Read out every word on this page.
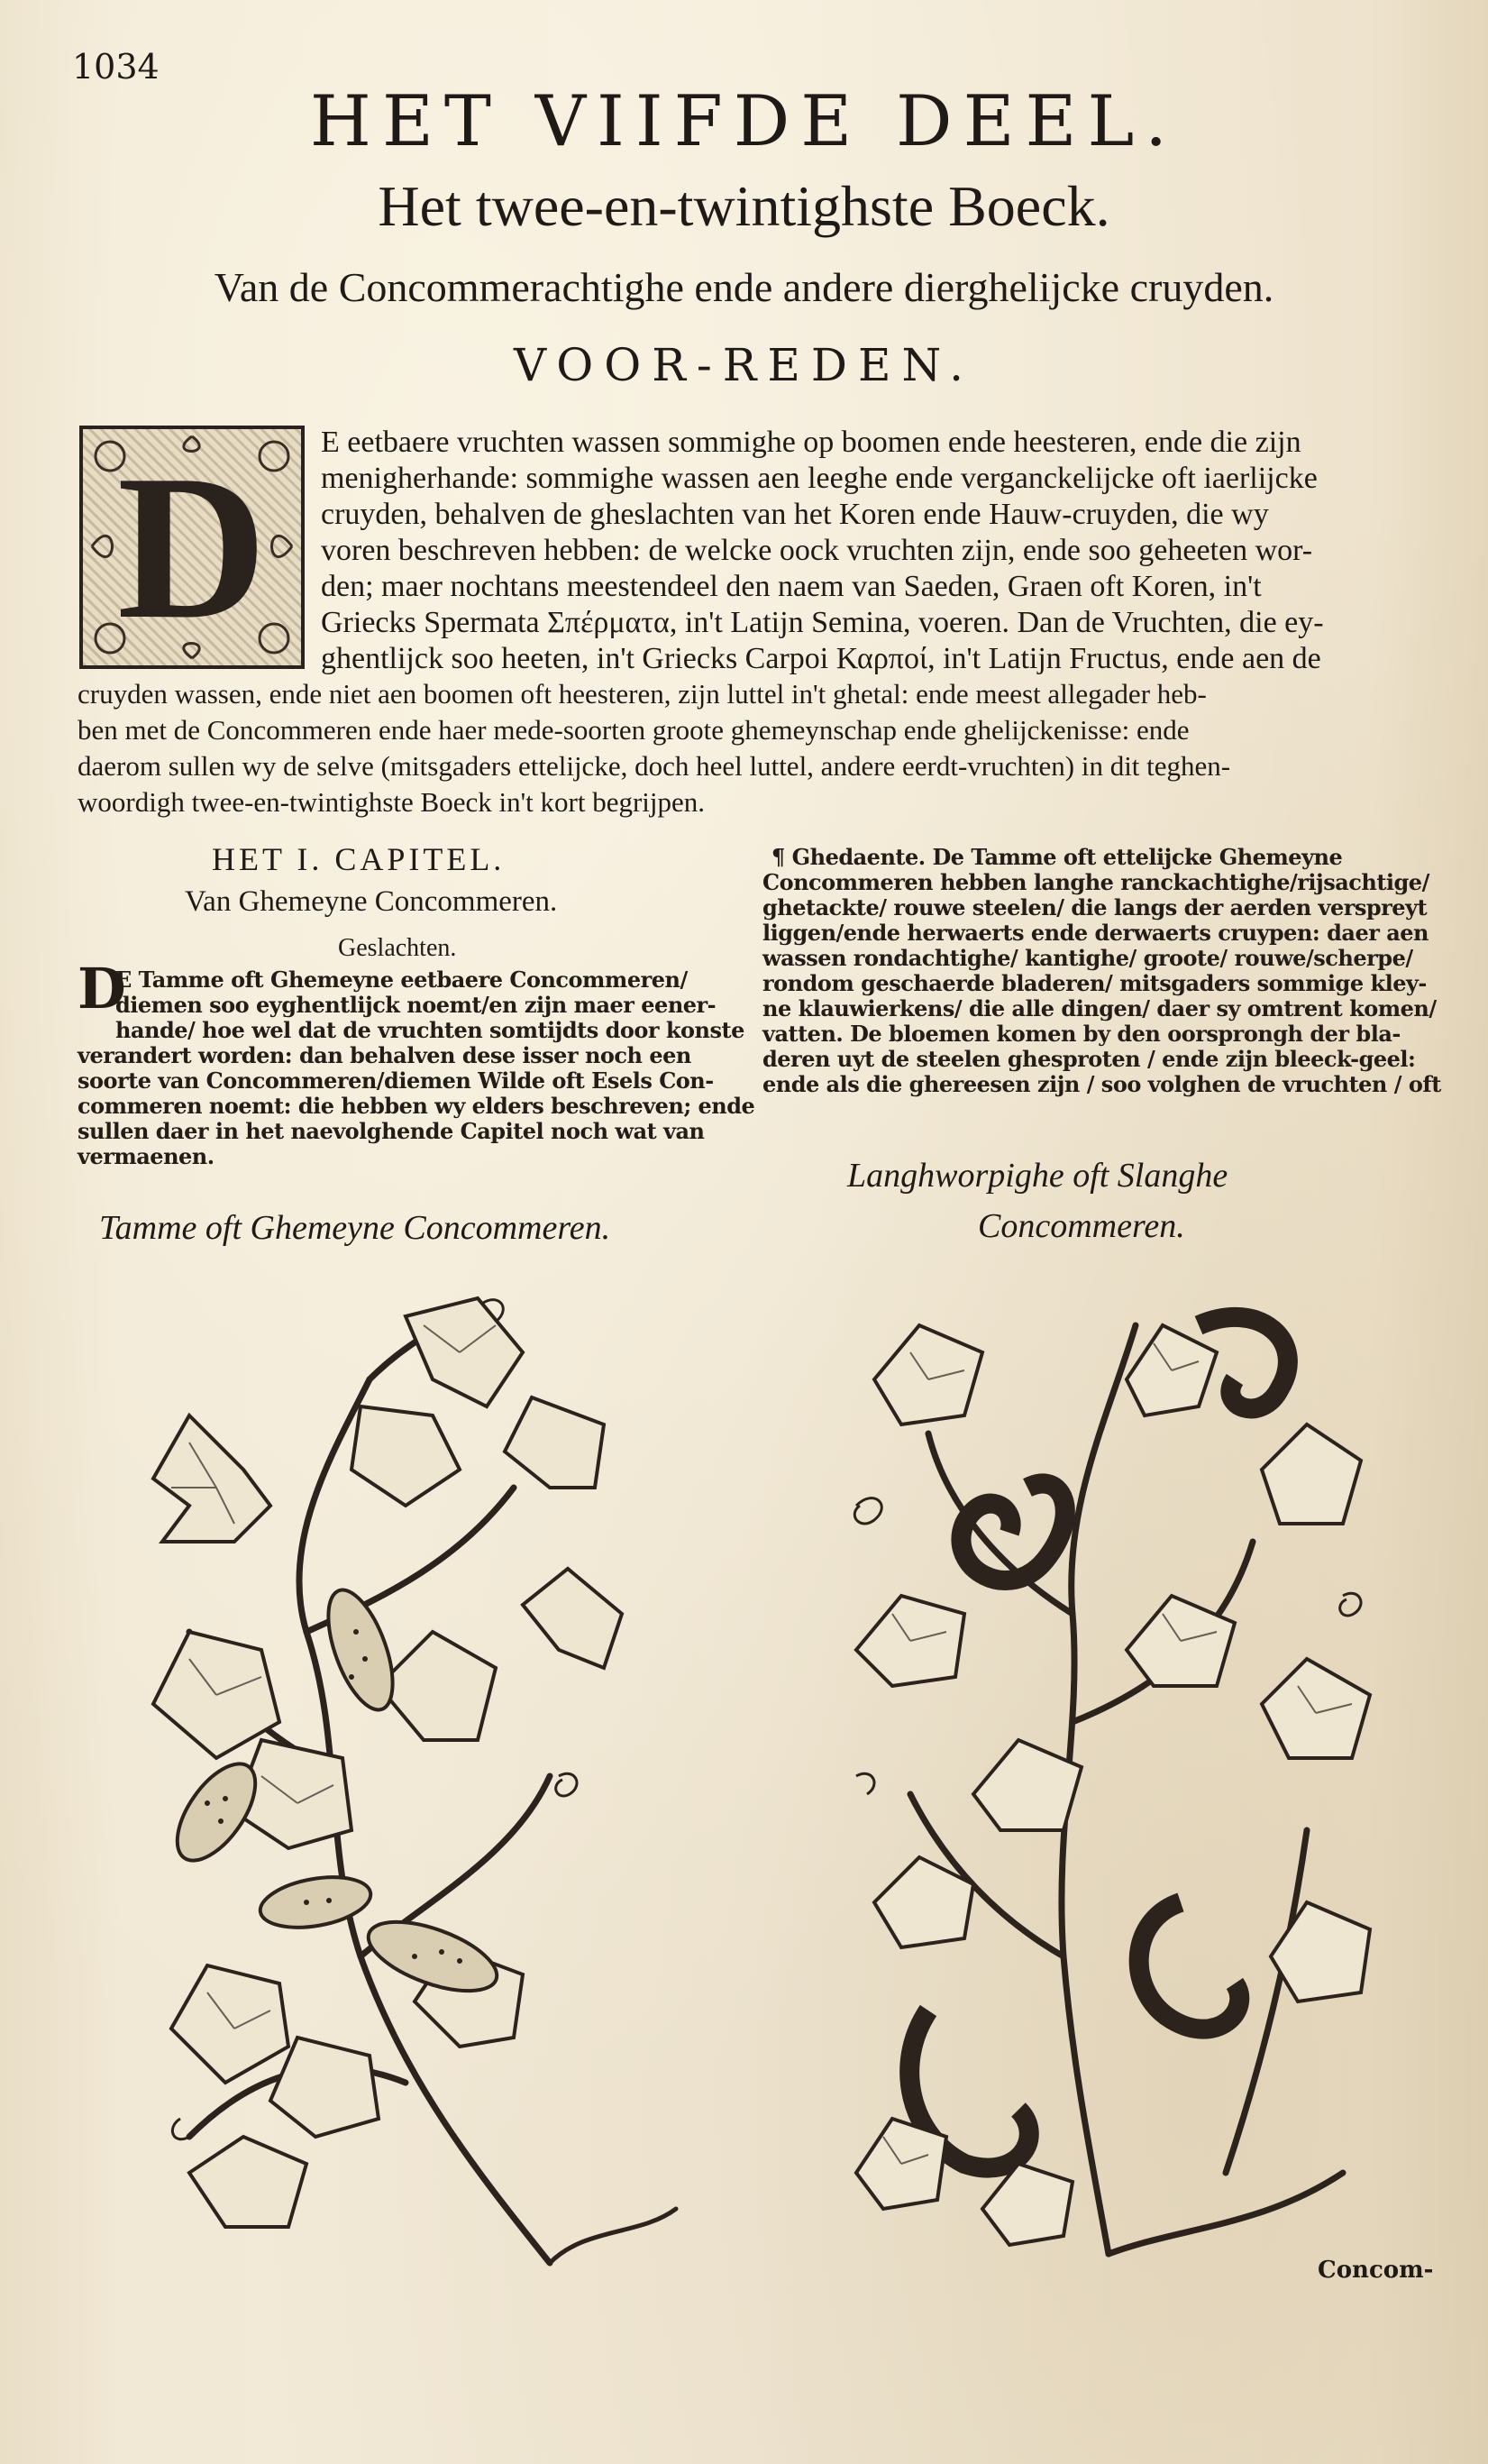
1034
HET VIIFDE DEEL.
Het twee-en-twintighste Boeck.
Van de Concommerachtighe ende andere dierghelijcke cruyden.
VOOR-REDEN.
D	E eetbaere vruchten wassen sommighe op boomen ende heesteren, ende die zijn
menigherhande: sommighe wassen aen leeghe ende verganckelijcke oft iaerlijcke
cruyden, behalven de gheslachten van het Koren ende Hauw-cruyden, die wy
voren beschreven hebben: de welcke oock vruchten zijn, ende soo geheeten wor-
den; maer nochtans meestendeel den naem van Saeden, Graen oft Koren, in't
Griecks Spermata Σπέρματα, in't Latijn Semina, voeren. Dan de Vruchten, die ey-
ghentlijck soo heeten, in't Griecks Carpoi Καρποί, in't Latijn Fructus, ende aen de
cruyden wassen, ende niet aen boomen oft heesteren, zijn luttel in't ghetal: ende meest allegader heb-
ben met de Concommeren ende haer mede-soorten groote ghemeynschap ende ghelijckenisse: ende
daerom sullen wy de selve (mitsgaders ettelijcke, doch heel luttel, andere eerdt-vruchten) in dit teghen-
woordigh twee-en-twintighste Boeck in't kort begrijpen.
HET I. CAPITEL.
Van Ghemeyne Concommeren.
Geslachten.
D
E Tamme oft Ghemeyne eetbaere Concommeren/
diemen soo eyghentlijck noemt/en zijn maer eener-
hande/ hoe wel dat de vruchten somtijdts door konste
verandert worden: dan behalven dese isser noch een
soorte van Concommeren/diemen Wilde oft Esels Con-
commeren noemt: die hebben wy elders beschreven; ende
sullen daer in het naevolghende Capitel noch wat van
vermaenen.
¶ Ghedaente. De Tamme oft ettelijcke Ghemeyne
Concommeren hebben langhe ranckachtighe/rijsachtige/
ghetackte/ rouwe steelen/ die langs der aerden verspreyt
liggen/ende herwaerts ende derwaerts cruypen: daer aen
wassen rondachtighe/ kantighe/ groote/ rouwe/scherpe/
rondom geschaerde bladeren/ mitsgaders sommige kley-
ne klauwierkens/ die alle dingen/ daer sy omtrent komen/
vatten. De bloemen komen by den oorsprongh der bla-
deren uyt de steelen ghesproten / ende zijn bleeck-geel:
ende als die ghereesen zijn / soo volghen de vruchten / oft
Tamme oft Ghemeyne Concommeren.
Langhworpighe oft Slanghe
Concommeren.
Concom-
